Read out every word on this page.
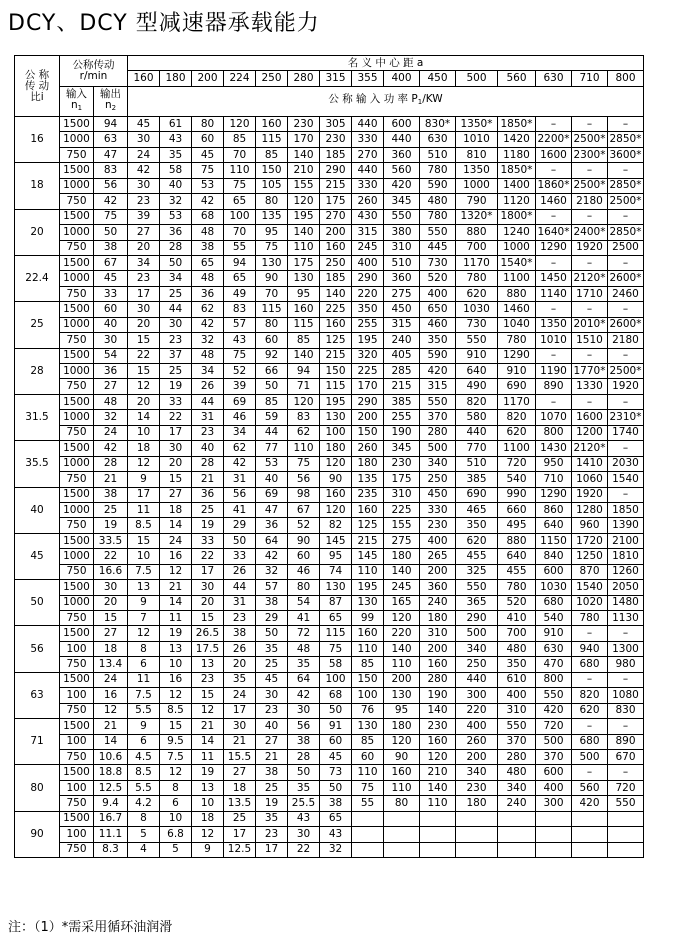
DCY、DCY 型减速器承载能力
公 称
传 动
比i	公称传动
r/min		名 义 中 心 距 a														
			160	180	200	224	250	280	315	355	400	450	500	560	630	710	800
	输入
$n_1$	输出
$n_2$	公 称 输 入 功 率 $P_1/KW$														

16	1500	94	45	61	80	120	160	230	305	440	600	830*	1350*	1850*	–	–	–
	1000	63	30	43	60	85	115	170	230	330	440	630	1010	1420	2200*	2500*	2850*
	750	47	24	35	45	70	85	140	185	270	360	510	810	1180	1600	2300*	3600*
18	1500	83	42	58	75	110	150	210	290	440	560	780	1350	1850*	–	–	–
	1000	56	30	40	53	75	105	155	215	330	420	590	1000	1400	1860*	2500*	2850*
	750	42	23	32	42	65	80	120	175	260	345	480	790	1120	1460	2180	2500*
20	1500	75	39	53	68	100	135	195	270	430	550	780	1320*	1800*	–	–	–
	1000	50	27	36	48	70	95	140	200	315	380	550	880	1240	1640*	2400*	2850*
	750	38	20	28	38	55	75	110	160	245	310	445	700	1000	1290	1920	2500
22.4	1500	67	34	50	65	94	130	175	250	400	510	730	1170	1540*	–	–	–
	1000	45	23	34	48	65	90	130	185	290	360	520	780	1100	1450	2120*	2600*
	750	33	17	25	36	49	70	95	140	220	275	400	620	880	1140	1710	2460
25	1500	60	30	44	62	83	115	160	225	350	450	650	1030	1460	–	–	–
	1000	40	20	30	42	57	80	115	160	255	315	460	730	1040	1350	2010*	2600*
	750	30	15	23	32	43	60	85	125	195	240	350	550	780	1010	1510	2180
28	1500	54	22	37	48	75	92	140	215	320	405	590	910	1290	–	–	–
	1000	36	15	25	34	52	66	94	150	225	285	420	640	910	1190	1770*	2500*
	750	27	12	19	26	39	50	71	115	170	215	315	490	690	890	1330	1920
31.5	1500	48	20	33	44	69	85	120	195	290	385	550	820	1170	–	–	–
	1000	32	14	22	31	46	59	83	130	200	255	370	580	820	1070	1600	2310*
	750	24	10	17	23	34	44	62	100	150	190	280	440	620	800	1200	1740
35.5	1500	42	18	30	40	62	77	110	180	260	345	500	770	1100	1430	2120*	–
	1000	28	12	20	28	42	53	75	120	180	230	340	510	720	950	1410	2030
	750	21	9	15	21	31	40	56	90	135	175	250	385	540	710	1060	1540
40	1500	38	17	27	36	56	69	98	160	235	310	450	690	990	1290	1920	–
	1000	25	11	18	25	41	47	67	120	160	225	330	465	660	860	1280	1850
	750	19	8.5	14	19	29	36	52	82	125	155	230	350	495	640	960	1390
45	1500	33.5	15	24	33	50	64	90	145	215	275	400	620	880	1150	1720	2100
	1000	22	10	16	22	33	42	60	95	145	180	265	455	640	840	1250	1810
	750	16.6	7.5	12	17	26	32	46	74	110	140	200	325	455	600	870	1260
50	1500	30	13	21	30	44	57	80	130	195	245	360	550	780	1030	1540	2050
	1000	20	9	14	20	31	38	54	87	130	165	240	365	520	680	1020	1480
	750	15	7	11	15	23	29	41	65	99	120	180	290	410	540	780	1130
56	1500	27	12	19	26.5	38	50	72	115	160	220	310	500	700	910	–	–
	100	18	8	13	17.5	26	35	48	75	110	140	200	340	480	630	940	1300
	750	13.4	6	10	13	20	25	35	58	85	110	160	250	350	470	680	980
63	1500	24	11	16	23	35	45	64	100	150	200	280	440	610	800	–	–
	100	16	7.5	12	15	24	30	42	68	100	130	190	300	400	550	820	1080
	750	12	5.5	8.5	12	17	23	30	50	76	95	140	220	310	420	620	830
71	1500	21	9	15	21	30	40	56	91	130	180	230	400	550	720	–	–
	100	14	6	9.5	14	21	27	38	60	85	120	160	260	370	500	680	890
	750	10.6	4.5	7.5	11	15.5	21	28	45	60	90	120	200	280	370	500	670
80	1500	18.8	8.5	12	19	27	38	50	73	110	160	210	340	480	600	–	–
	100	12.5	5.5	8	13	18	25	35	50	75	110	140	230	340	400	560	720
	750	9.4	4.2	6	10	13.5	19	25.5	38	55	80	110	180	240	300	420	550
90	1500	16.7	8	10	18	25	35	43	65								
	100	11.1	5	6.8	12	17	23	30	43								
	750	8.3	4	5	9	12.5	17	22	32								
注：（1）*需采用循环油润滑
